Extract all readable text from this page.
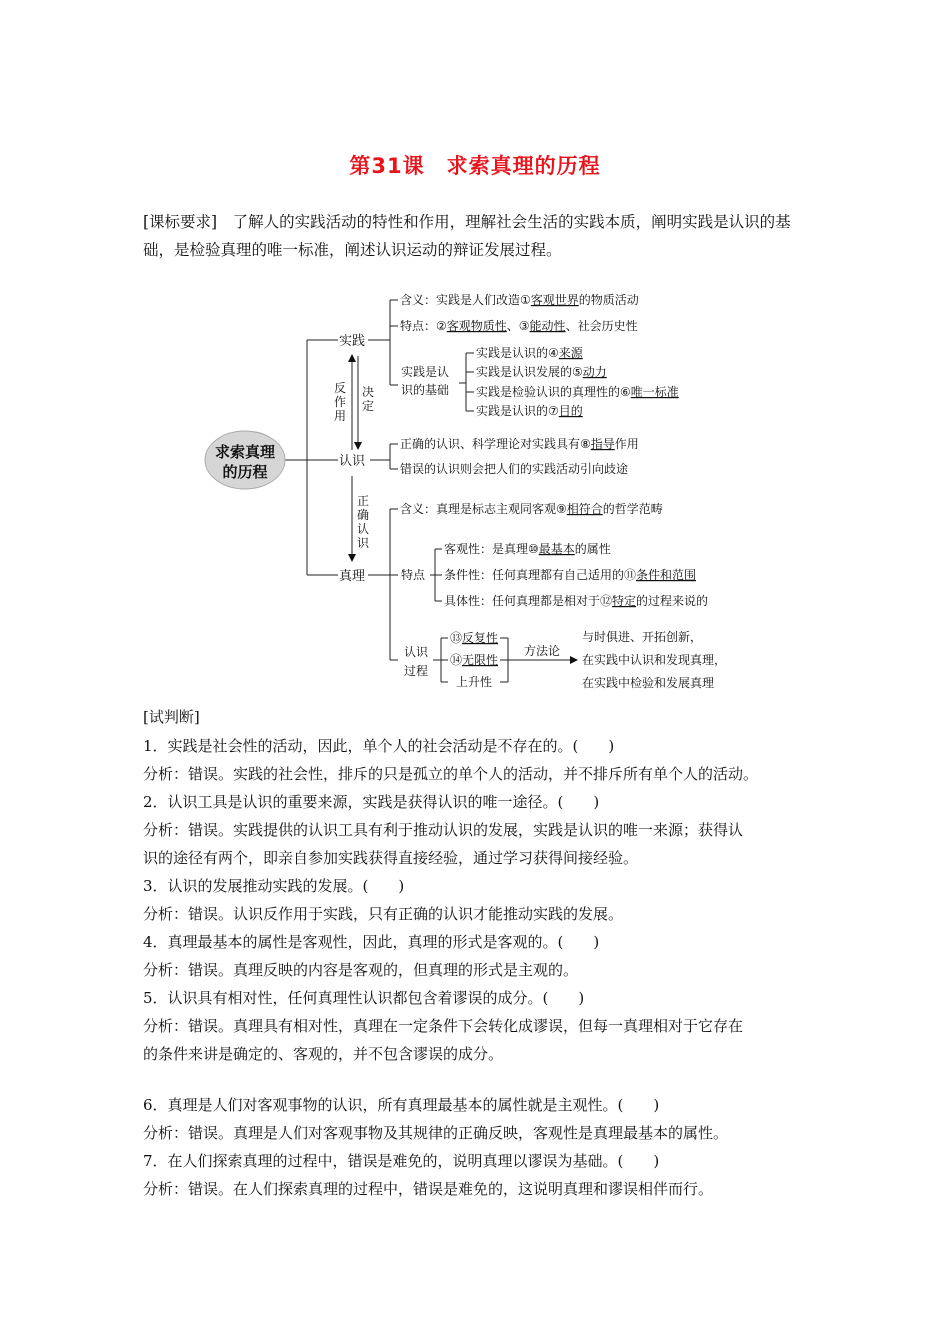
第31课　求索真理的历程
[课标要求]　了解人的实践活动的特性和作用，理解社会生活的实践本质，阐明实践是认识的基础，是检验真理的唯一标准，阐述认识运动的辩证发展过程。
求索真理
的历程
实践
认识
真理
反
作
用
决
定
正
确
认
识
含义：实践是人们改造①客观世界的物质活动
特点：②客观物质性、③能动性、社会历史性
实践是认
识的基础
实践是认识的④来源
实践是认识发展的⑤动力
实践是检验认识的真理性的⑥唯一标准
实践是认识的⑦目的
正确的认识、科学理论对实践具有⑧指导作用
错误的认识则会把人们的实践活动引向歧途
含义：真理是标志主观同客观⑨相符合的哲学范畴
特点
客观性：是真理⑩最基本的属性
条件性：任何真理都有自己适用的⑪条件和范围
具体性：任何真理都是相对于⑫特定的过程来说的
认识
过程
⑬反复性
⑭无限性
上升性
方法论
与时俱进、开拓创新，
在实践中认识和发现真理，
在实践中检验和发展真理
[试判断]
1．实践是社会性的活动，因此，单个人的社会活动是不存在的。(　　)
分析：错误。实践的社会性，排斥的只是孤立的单个人的活动，并不排斥所有单个人的活动。
2．认识工具是认识的重要来源，实践是获得认识的唯一途径。(　　)
分析：错误。实践提供的认识工具有利于推动认识的发展，实践是认识的唯一来源；获得认
识的途径有两个，即亲自参加实践获得直接经验，通过学习获得间接经验。
3．认识的发展推动实践的发展。(　　)
分析：错误。认识反作用于实践，只有正确的认识才能推动实践的发展。
4．真理最基本的属性是客观性，因此，真理的形式是客观的。(　　)
分析：错误。真理反映的内容是客观的，但真理的形式是主观的。
5．认识具有相对性，任何真理性认识都包含着谬误的成分。(　　)
分析：错误。真理具有相对性，真理在一定条件下会转化成谬误，但每一真理相对于它存在
的条件来讲是确定的、客观的，并不包含谬误的成分。
6．真理是人们对客观事物的认识，所有真理最基本的属性就是主观性。(　　)
分析：错误。真理是人们对客观事物及其规律的正确反映，客观性是真理最基本的属性。
7．在人们探索真理的过程中，错误是难免的，说明真理以谬误为基础。(　　)
分析：错误。在人们探索真理的过程中，错误是难免的，这说明真理和谬误相伴而行。
